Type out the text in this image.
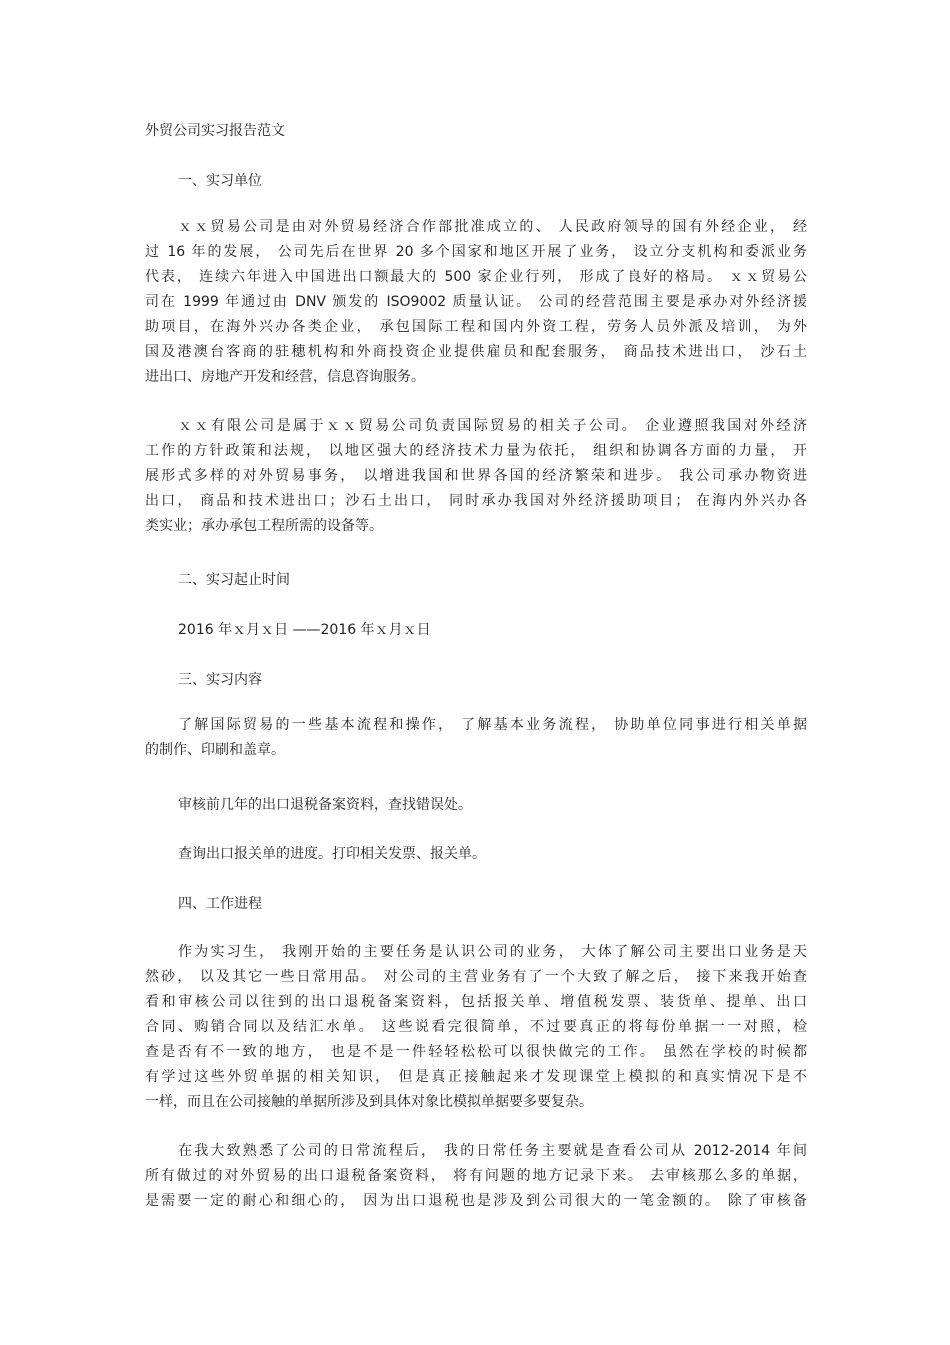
外贸公司实习报告范文
一、实习单位
ｘｘ贸易公司是由对外贸易经济合作部批准成立的、 人民政府领导的国有外经企业， 经
过 16 年的发展， 公司先后在世界 20 多个国家和地区开展了业务， 设立分支机构和委派业务
代表， 连续六年进入中国进出口额最大的 500 家企业行列， 形成了良好的格局。 ｘｘ贸易公
司在 1999 年通过由 DNV 颁发的 ISO9002 质量认证。 公司的经营范围主要是承办对外经济援
助项目，在海外兴办各类企业， 承包国际工程和国内外资工程，劳务人员外派及培训， 为外
国及港澳台客商的驻穗机构和外商投资企业提供雇员和配套服务， 商品技术进出口， 沙石土
进出口、房地产开发和经营，信息咨询服务。
ｘｘ有限公司是属于ｘｘ贸易公司负责国际贸易的相关子公司。 企业遵照我国对外经济
工作的方针政策和法规， 以地区强大的经济技术力量为依托， 组织和协调各方面的力量， 开
展形式多样的对外贸易事务， 以增进我国和世界各国的经济繁荣和进步。 我公司承办物资进
出口， 商品和技术进出口；沙石土出口， 同时承办我国对外经济援助项目； 在海内外兴办各
类实业；承办承包工程所需的设备等。
二、实习起止时间
2016 年ｘ月ｘ日 ——2016 年ｘ月ｘ日
三、实习内容
了解国际贸易的一些基本流程和操作， 了解基本业务流程， 协助单位同事进行相关单据
的制作、印刷和盖章。
审核前几年的出口退税备案资料，查找错误处。
查询出口报关单的进度。打印相关发票、报关单。
四、工作进程
作为实习生， 我刚开始的主要任务是认识公司的业务， 大体了解公司主要出口业务是天
然砂， 以及其它一些日常用品。 对公司的主营业务有了一个大致了解之后， 接下来我开始查
看和审核公司以往到的出口退税备案资料，包括报关单、增值税发票、装货单、提单、出口
合同、购销合同以及结汇水单。 这些说看完很简单，不过要真正的将每份单据一一对照，检
查是否有不一致的地方， 也是不是一件轻轻松松可以很快做完的工作。 虽然在学校的时候都
有学过这些外贸单据的相关知识， 但是真正接触起来才发现课堂上模拟的和真实情况下是不
一样，而且在公司接触的单据所涉及到具体对象比模拟单据要多要复杂。
在我大致熟悉了公司的日常流程后， 我的日常任务主要就是查看公司从 2012-2014 年间
所有做过的对外贸易的出口退税备案资料， 将有问题的地方记录下来。 去审核那么多的单据，
是需要一定的耐心和细心的， 因为出口退税也是涉及到公司很大的一笔金额的。 除了审核备
